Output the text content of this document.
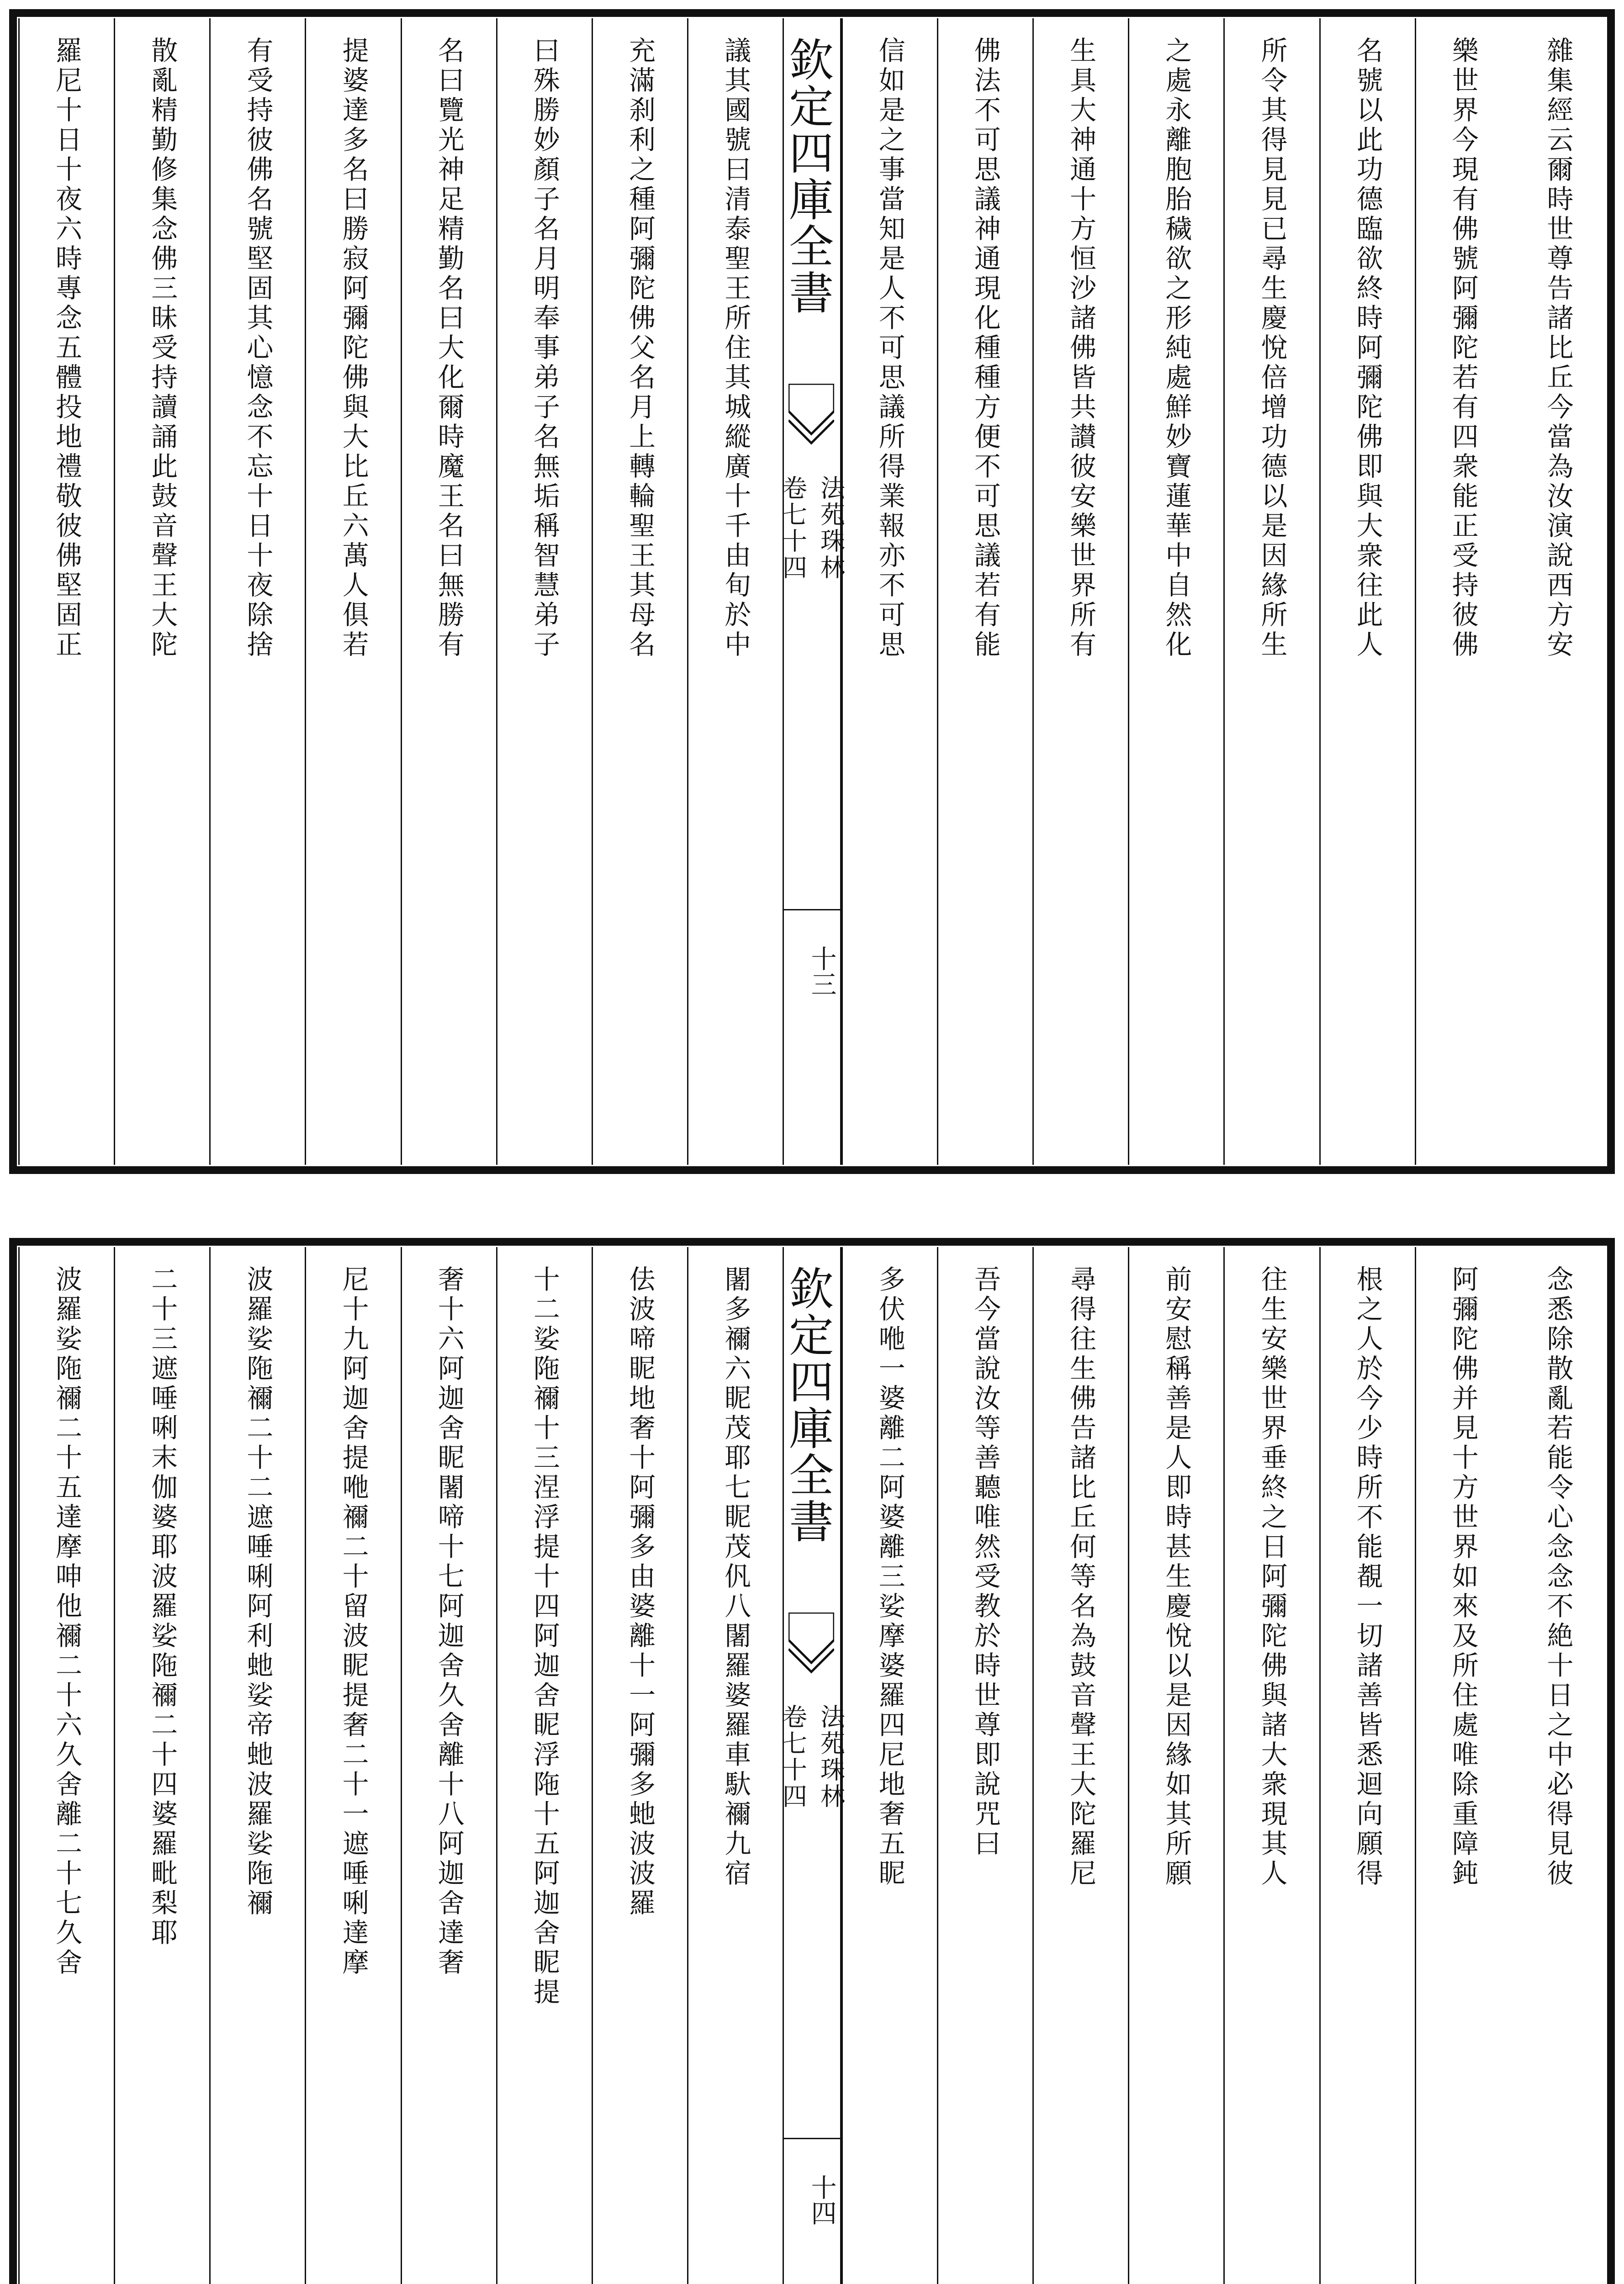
雜集經云爾時世尊告諸比丘今當為汝演說西方安
樂世界今現有佛號阿彌陀若有四衆能正受持彼佛
名號以此功德臨欲終時阿彌陀佛即與大衆往此人
所令其得見見已尋生慶悅倍增功德以是因緣所生
之處永離胞胎穢欲之形純處鮮妙寶蓮華中自然化
生具大神通十方恒沙諸佛皆共讃彼安樂世界所有
佛法不可思議神通現化種種方便不可思議若有能
信如是之事當知是人不可思議所得業報亦不可思
欽定四庫全書
法苑珠林
卷七十四
十三
議其國號曰清泰聖王所住其城縱廣十千由旬於中
充滿刹利之種阿彌陀佛父名月上轉輪聖王其母名
曰殊勝妙顏子名月明奉事弟子名無垢稱智慧弟子
名曰覽光神足精勤名曰大化爾時魔王名曰無勝有
提婆達多名曰勝寂阿彌陀佛與大比丘六萬人俱若
有受持彼佛名號堅固其心憶念不忘十日十夜除捨
散亂精勤修集念佛三昧受持讀誦此鼓音聲王大陀
羅尼十日十夜六時專念五體投地禮敬彼佛堅固正
念悉除散亂若能令心念念不絶十日之中必得見彼
阿彌陀佛并見十方世界如來及所住處唯除重障鈍
根之人於今少時所不能覩一切諸善皆悉迴向願得
往生安樂世界垂終之日阿彌陀佛與諸大衆現其人
前安慰稱善是人即時甚生慶悅以是因緣如其所願
尋得往生佛告諸比丘何等名為鼓音聲王大陀羅尼
吾今當說汝等善聽唯然受教於時世尊即說咒曰
多伏咃一婆離二阿婆離三娑摩婆羅四尼地奢五眤
欽定四庫全書
法苑珠林
卷七十四
十四
闍多禰六眤茂耶七眤茂𠆩八闍羅婆羅車馱禰九宿
佉波啼眤地奢十阿彌多由婆離十一阿彌多虵波波羅
十二娑陁禰十三涅浮提十四阿迦舍眤浮陁十五阿迦舍眤提
奢十六阿迦舍眤闍啼十七阿迦舍久舍離十八阿迦舍達奢
尼十九阿迦舍提咃禰二十留波眤提奢二十一遮唾唎達摩
波羅娑陁禰二十二遮唾唎阿利虵娑帝虵波羅娑陁禰
二十三遮唾唎末伽婆耶波羅娑陁禰二十四婆羅毗梨耶
波羅娑陁禰二十五達摩呻他禰二十六久舍離二十七久舍
